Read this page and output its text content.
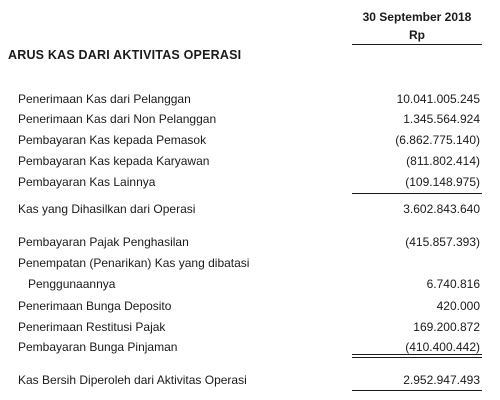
30 September 2018
Rp
ARUS KAS DARI AKTIVITAS OPERASI
Penerimaan Kas dari Pelanggan	10.041.005.245
Penerimaan Kas dari Non Pelanggan	1.345.564.924
Pembayaran Kas kepada Pemasok	(6.862.775.140)
Pembayaran Kas kepada Karyawan	(811.802.414)
Pembayaran Kas Lainnya	(109.148.975)
Kas yang Dihasilkan dari Operasi	3.602.843.640
Pembayaran Pajak Penghasilan	(415.857.393)
Penempatan (Penarikan) Kas yang dibatasi
Penggunaannya	6.740.816
Penerimaan Bunga Deposito	420.000
Penerimaan Restitusi Pajak	169.200.872
Pembayaran Bunga Pinjaman	(410.400.442)
Kas Bersih Diperoleh dari Aktivitas Operasi	2.952.947.493
